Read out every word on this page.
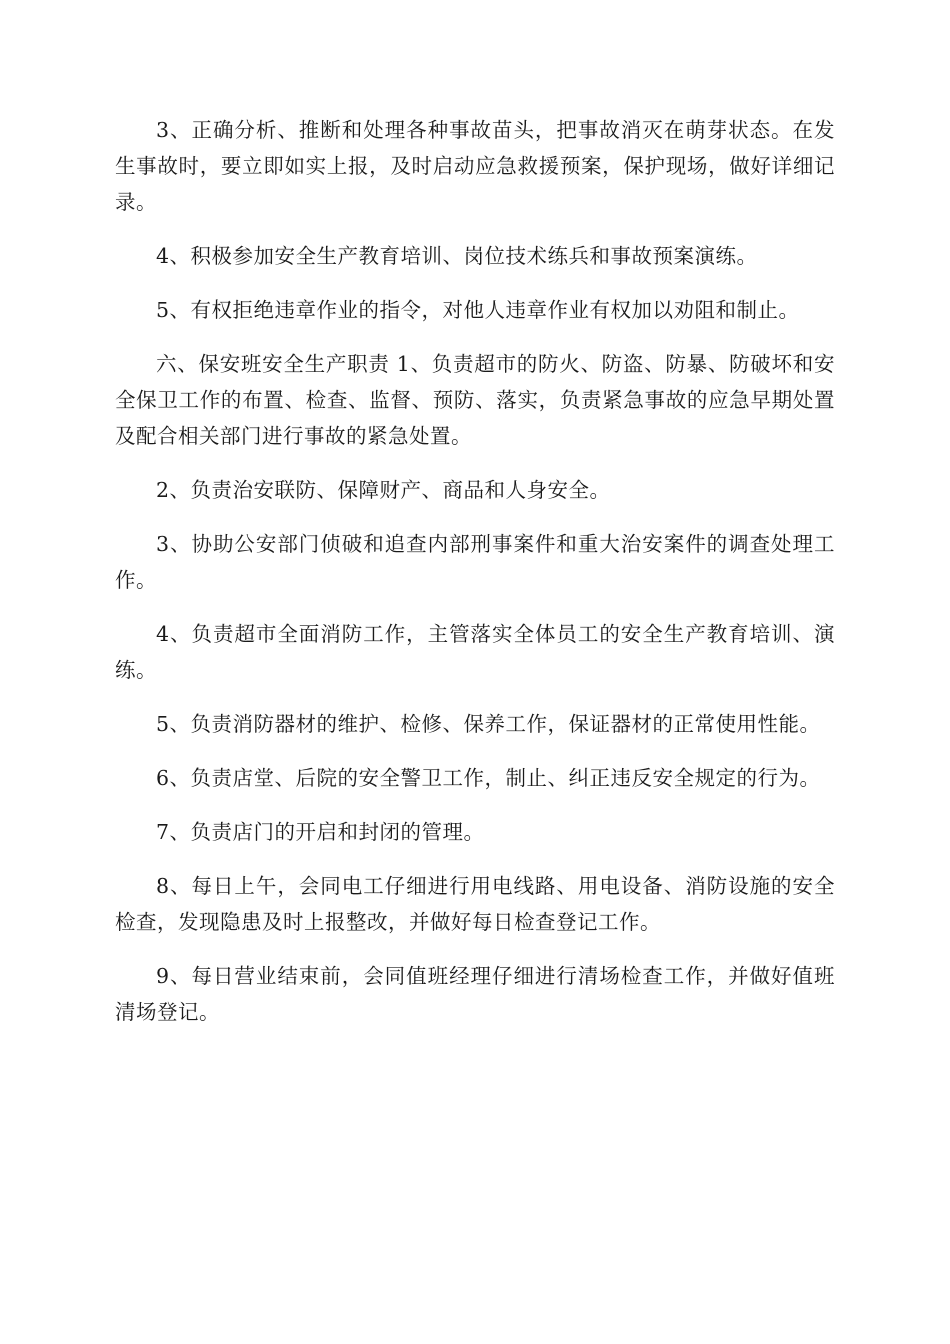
3、正确分析、推断和处理各种事故苗头，把事故消灭在萌芽状态。在发生事故时，要立即如实上报，及时启动应急救援预案，保护现场，做好详细记录。

4、积极参加安全生产教育培训、岗位技术练兵和事故预案演练。

5、有权拒绝违章作业的指令，对他人违章作业有权加以劝阻和制止。

六、保安班安全生产职责 1、负责超市的防火、防盗、防暴、防破坏和安全保卫工作的布置、检查、监督、预防、落实，负责紧急事故的应急早期处置及配合相关部门进行事故的紧急处置。

2、负责治安联防、保障财产、商品和人身安全。

3、协助公安部门侦破和追查内部刑事案件和重大治安案件的调查处理工作。

4、负责超市全面消防工作，主管落实全体员工的安全生产教育培训、演练。

5、负责消防器材的维护、检修、保养工作，保证器材的正常使用性能。

6、负责店堂、后院的安全警卫工作，制止、纠正违反安全规定的行为。

7、负责店门的开启和封闭的管理。

8、每日上午，会同电工仔细进行用电线路、用电设备、消防设施的安全检查，发现隐患及时上报整改，并做好每日检查登记工作。

9、每日营业结束前，会同值班经理仔细进行清场检查工作，并做好值班清场登记。
